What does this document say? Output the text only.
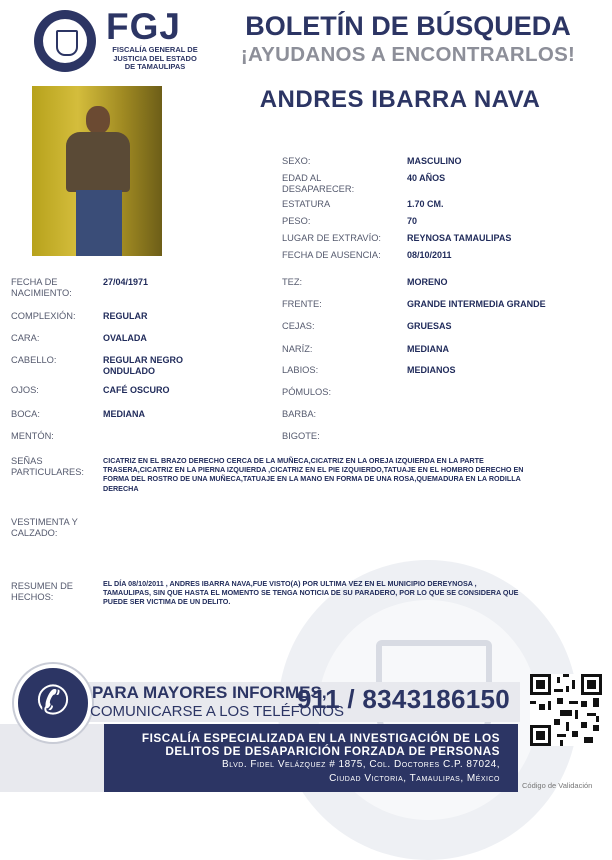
FGJ
FISCALÍA GENERAL DE
JUSTICIA DEL ESTADO
DE TAMAULIPAS
BOLETÍN DE BÚSQUEDA
¡AYUDANOS A ENCONTRARLOS!
ANDRES IBARRA NAVA
SEXO:	MASCULINO
EDAD AL DESAPARECER:
40 AÑOS
ESTATURA	1.70 CM.
PESO:	70
LUGAR DE EXTRAVÍO:	REYNOSA TAMAULIPAS
FECHA DE AUSENCIA:	08/10/2011
FECHA DE NACIMIENTO:
27/04/1971
COMPLEXIÓN:	REGULAR
CARA:	OVALADA
CABELLO:	REGULAR NEGRO ONDULADO
OJOS:	CAFÉ OSCURO
BOCA:	MEDIANA
MENTÓN:
TEZ:	MORENO
FRENTE:	GRANDE INTERMEDIA GRANDE
CEJAS:	GRUESAS
NARÍZ:	MEDIANA
LABIOS:	MEDIANOS
PÓMULOS:
BARBA:
BIGOTE:
SEÑAS PARTICULARES:
CICATRIZ EN EL BRAZO DERECHO CERCA DE LA MUÑECA,CICATRIZ EN LA OREJA IZQUIERDA EN LA PARTE
TRASERA,CICATRIZ EN LA PIERNA IZQUIERDA ,CICATRIZ EN EL PIE IZQUIERDO,TATUAJE EN EL HOMBRO DERECHO EN
FORMA DEL ROSTRO DE UNA MUÑECA,TATUAJE EN LA MANO EN FORMA DE UNA ROSA,QUEMADURA EN LA RODILLA
DERECHA
VESTIMENTA Y CALZADO:
RESUMEN DE HECHOS:
EL DÍA 08/10/2011 , ANDRES IBARRA NAVA,FUE VISTO(A) POR ULTIMA VEZ EN EL MUNICIPIO DEREYNOSA ,
TAMAULIPAS, SIN QUE HASTA EL MOMENTO SE TENGA NOTICIA DE SU PARADERO, POR LO QUE SE CONSIDERA QUE
PUEDE SER VICTIMA DE UN DELITO.
✆	PARA MAYORES INFORMES,
COMUNICARSE A LOS TELÉFONOS
911 / 8343186150
FISCALÍA ESPECIALIZADA EN LA INVESTIGACIÓN DE LOS
DELITOS DE DESAPARICIÓN FORZADA DE PERSONAS
Blvd. Fidel Velázquez # 1875, Col. Doctores C.P. 87024,
Ciudad Victoria, Tamaulipas, México
Código de Validación
